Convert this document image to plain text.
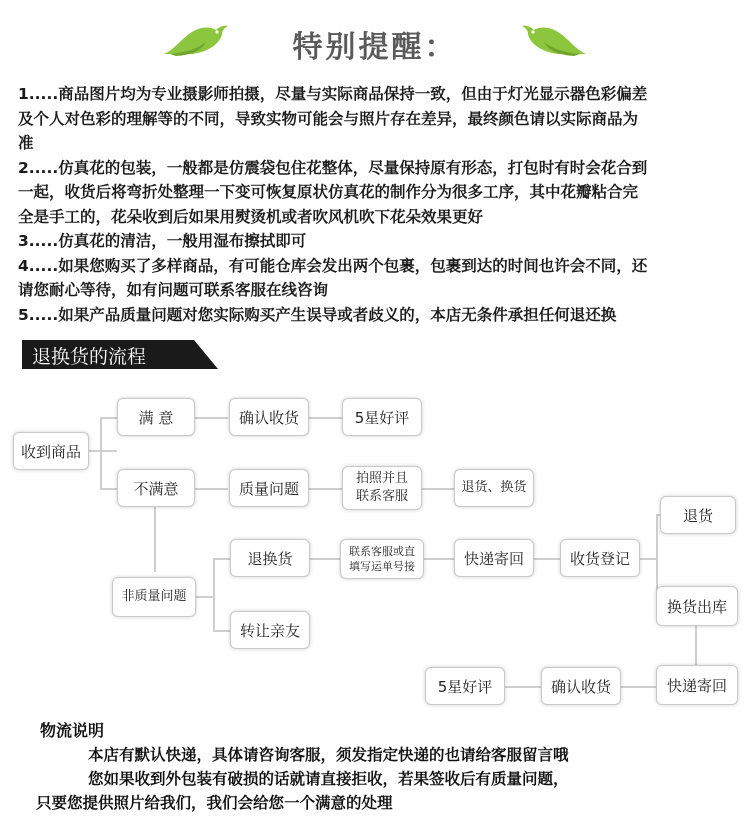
特别提醒：

1.....商品图片均为专业摄影师拍摄，尽量与实际商品保持一致，但由于灯光显示器色彩偏差

及个人对色彩的理解等的不同，导致实物可能会与照片存在差异，最终颜色请以实际商品为

准

2.....仿真花的包装，一般都是仿震袋包住花整体，尽量保持原有形态，打包时有时会花合到

一起，收货后将弯折处整理一下变可恢复原状仿真花的制作分为很多工序，其中花瓣粘合完

全是手工的，花朵收到后如果用熨烫机或者吹风机吹下花朵效果更好

3.....仿真花的清洁，一般用湿布擦拭即可

4.....如果您购买了多样商品，有可能仓库会发出两个包裹，包裹到达的时间也许会不同，还

请您耐心等待，如有问题可联系客服在线咨询

5.....如果产品质量问题对您实际购买产生误导或者歧义的，本店无条件承担任何退还换

退换货的流程
收到商品
满 意	确认收货	5星好评
不满意	质量问题
拍照并且
联系客服
退货、换货
非质量问题
退换货
转让亲友
联系客服或直
填写运单号接	快递寄回	收货登记
退货
换货出库
快递寄回
确认收货
5星好评

物流说明

本店有默认快递，具体请咨询客服，须发指定快递的也请给客服留言哦

您如果收到外包装有破损的话就请直接拒收，若果签收后有质量问题，

只要您提供照片给我们，我们会给您一个满意的处理
